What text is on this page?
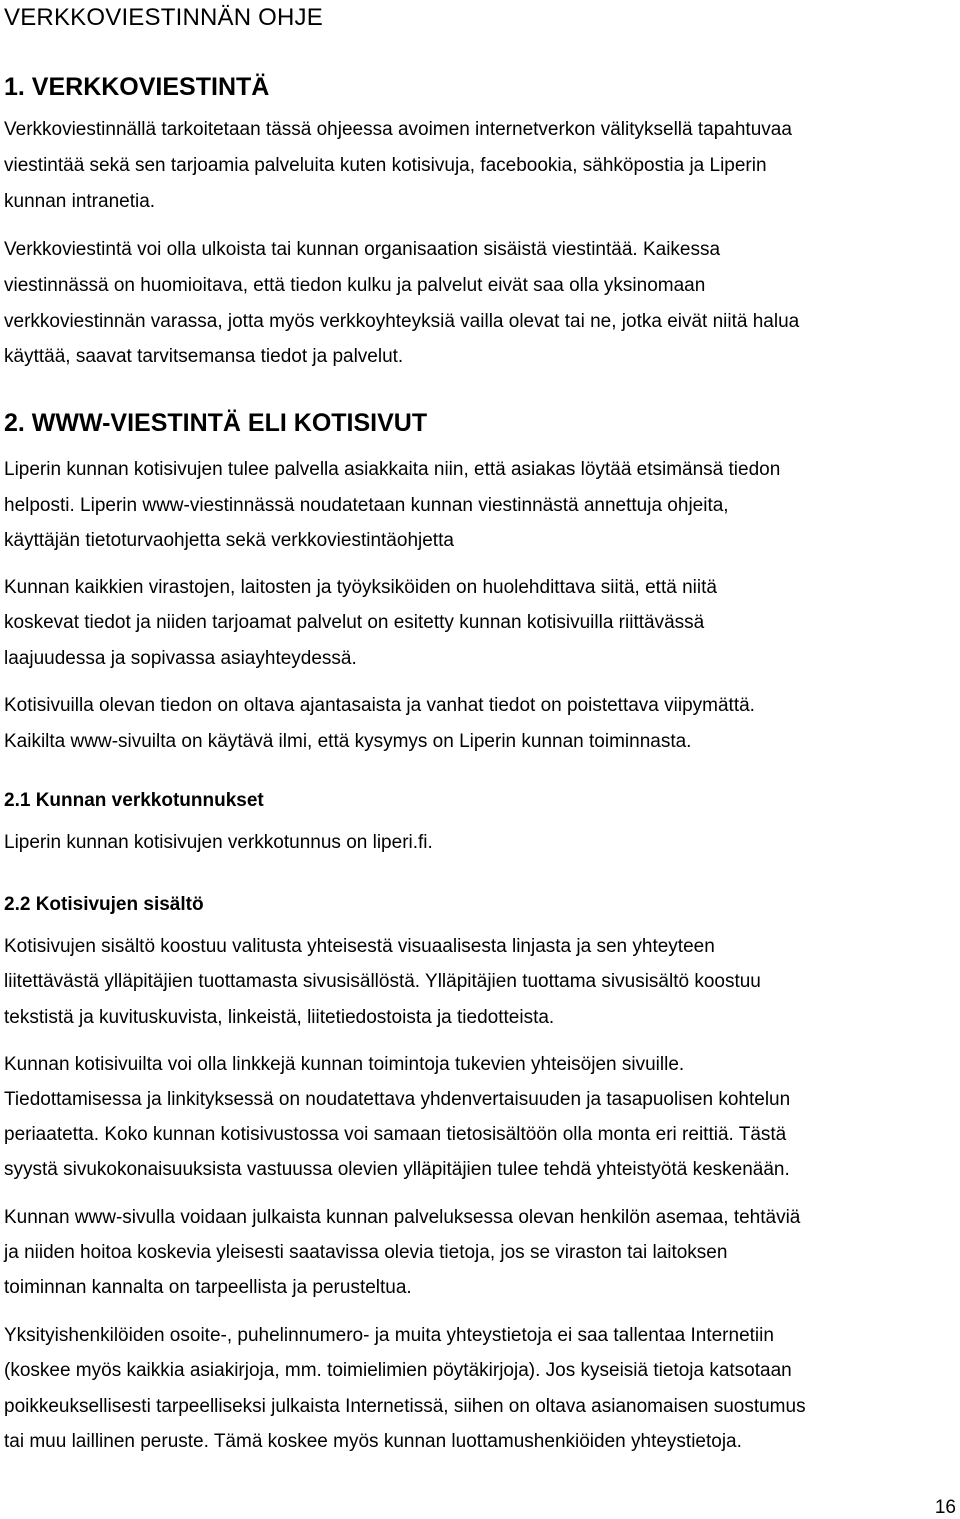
VERKKOVIESTINNÄN OHJE
1. VERKKOVIESTINTÄ

Verkkoviestinnällä tarkoitetaan tässä ohjeessa avoimen internetverkon välityksellä tapahtuvaa

viestintää sekä sen tarjoamia palveluita kuten kotisivuja, facebookia, sähköpostia ja Liperin

kunnan intranetia.

Verkkoviestintä voi olla ulkoista tai kunnan organisaation sisäistä viestintää. Kaikessa

viestinnässä on huomioitava, että tiedon kulku ja palvelut eivät saa olla yksinomaan

verkkoviestinnän varassa, jotta myös verkkoyhteyksiä vailla olevat tai ne, jotka eivät niitä halua

käyttää, saavat tarvitsemansa tiedot ja palvelut.

2. WWW-VIESTINTÄ ELI KOTISIVUT

Liperin kunnan kotisivujen tulee palvella asiakkaita niin, että asiakas löytää etsimänsä tiedon

helposti. Liperin www-viestinnässä noudatetaan kunnan viestinnästä annettuja ohjeita,

käyttäjän tietoturvaohjetta sekä verkkoviestintäohjetta

Kunnan kaikkien virastojen, laitosten ja työyksiköiden on huolehdittava siitä, että niitä

koskevat tiedot ja niiden tarjoamat palvelut on esitetty kunnan kotisivuilla riittävässä

laajuudessa ja sopivassa asiayhteydessä.

Kotisivuilla olevan tiedon on oltava ajantasaista ja vanhat tiedot on poistettava viipymättä.

Kaikilta www-sivuilta on käytävä ilmi, että kysymys on Liperin kunnan toiminnasta.

2.1 Kunnan verkkotunnukset

Liperin kunnan kotisivujen verkkotunnus on liperi.fi.

2.2 Kotisivujen sisältö

Kotisivujen sisältö koostuu valitusta yhteisestä visuaalisesta linjasta ja sen yhteyteen

liitettävästä ylläpitäjien tuottamasta sivusisällöstä. Ylläpitäjien tuottama sivusisältö koostuu

tekstistä ja kuvituskuvista, linkeistä, liitetiedostoista ja tiedotteista.

Kunnan kotisivuilta voi olla linkkejä kunnan toimintoja tukevien yhteisöjen sivuille.

Tiedottamisessa ja linkityksessä on noudatettava yhdenvertaisuuden ja tasapuolisen kohtelun

periaatetta. Koko kunnan kotisivustossa voi samaan tietosisältöön olla monta eri reittiä. Tästä

syystä sivukokonaisuuksista vastuussa olevien ylläpitäjien tulee tehdä yhteistyötä keskenään.

Kunnan www-sivulla voidaan julkaista kunnan palveluksessa olevan henkilön asemaa, tehtäviä

ja niiden hoitoa koskevia yleisesti saatavissa olevia tietoja, jos se viraston tai laitoksen

toiminnan kannalta on tarpeellista ja perusteltua.

Yksityishenkilöiden osoite-, puhelinnumero- ja muita yhteystietoja ei saa tallentaa Internetiin

(koskee myös kaikkia asiakirjoja, mm. toimielimien pöytäkirjoja). Jos kyseisiä tietoja katsotaan

poikkeuksellisesti tarpeelliseksi julkaista Internetissä, siihen on oltava asianomaisen suostumus

tai muu laillinen peruste. Tämä koskee myös kunnan luottamushenkiöiden yhteystietoja.

16
